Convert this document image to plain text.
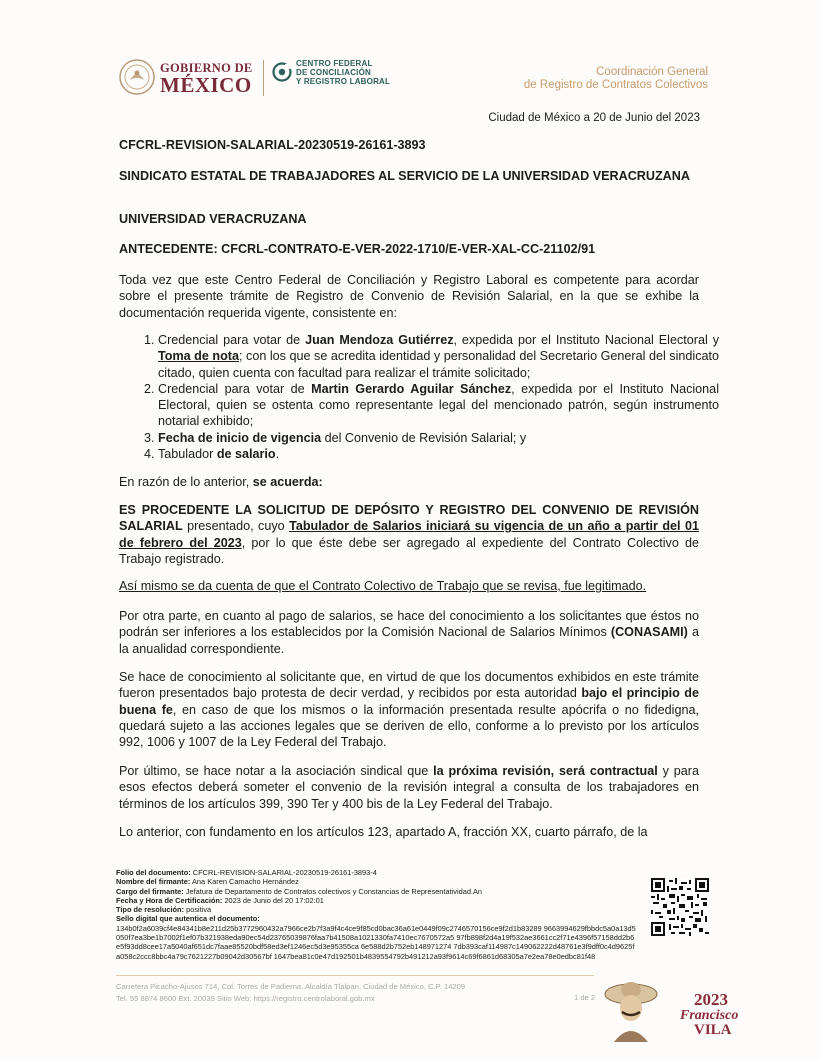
GOBIERNO DE
MÉXICO
CENTRO FEDERAL
DE CONCILIACIÓN
Y REGISTRO LABORAL
Coordinación General
de Registro de Contratos Colectivos
Ciudad de México a 20 de Junio del 2023
CFCRL-REVISION-SALARIAL-20230519-26161-3893
SINDICATO ESTATAL DE TRABAJADORES AL SERVICIO DE LA UNIVERSIDAD VERACRUZANA
UNIVERSIDAD VERACRUZANA
ANTECEDENTE: CFCRL-CONTRATO-E-VER-2022-1710/E-VER-XAL-CC-21102/91
Toda vez que este Centro Federal de Conciliación y Registro Laboral es competente para acordar sobre el presente trámite de Registro de Convenio de Revisión Salarial, en la que se exhibe la documentación requerida vigente, consistente en:
1. Credencial para votar de Juan Mendoza Gutiérrez, expedida por el Instituto Nacional Electoral y Toma de nota; con los que se acredita identidad y personalidad del Secretario General del sindicato citado, quien cuenta con facultad para realizar el trámite solicitado;
2. Credencial para votar de Martin Gerardo Aguilar Sánchez, expedida por el Instituto Nacional Electoral, quien se ostenta como representante legal del mencionado patrón, según instrumento notarial exhibido;
3. Fecha de inicio de vigencia del Convenio de Revisión Salarial; y
4. Tabulador de salario.
En razón de lo anterior, se acuerda:
ES PROCEDENTE LA SOLICITUD DE DEPÓSITO Y REGISTRO DEL CONVENIO DE REVISIÓN SALARIAL presentado, cuyo Tabulador de Salarios iniciará su vigencia de un año a partir del 01 de febrero del 2023, por lo que éste debe ser agregado al expediente del Contrato Colectivo de Trabajo registrado.
Así mismo se da cuenta de que el Contrato Colectivo de Trabajo que se revisa, fue legitimado.
Por otra parte, en cuanto al pago de salarios, se hace del conocimiento a los solicitantes que éstos no podrán ser inferiores a los establecidos por la Comisión Nacional de Salarios Mínimos (CONASAMI) a la anualidad correspondiente.
Se hace de conocimiento al solicitante que, en virtud de que los documentos exhibidos en este trámite fueron presentados bajo protesta de decir verdad, y recibidos por esta autoridad bajo el principio de buena fe, en caso de que los mismos o la información presentada resulte apócrifa o no fidedigna, quedará sujeto a las acciones legales que se deriven de ello, conforme a lo previsto por los artículos 992, 1006 y 1007 de la Ley Federal del Trabajo.
Por último, se hace notar a la asociación sindical que la próxima revisión, será contractual y para esos efectos deberá someter el convenio de la revisión integral a consulta de los trabajadores en términos de los artículos 399, 390 Ter y 400 bis de la Ley Federal del Trabajo.
Lo anterior, con fundamento en los artículos 123, apartado A, fracción XX, cuarto párrafo, de la
Folio del documento: CFCRL-REVISION-SALARIAL-20230519-26161-3893-4
Nombre del firmante: Ana Karen Camacho Hernández
Cargo del firmante: Jefatura de Departamento de Contratos colectivos y Constancias de Representatividad.An
Fecha y Hora de Certificación: 2023 de Junio del 20 17:02:01
Tipo de resolución: positiva
Sello digital que autentica el documento:
134b0f2a6039cf4e84341b8e211d25b3772960432a7966ce2b7f3a9f4c4ce9f85cd0bac36a61e0449f09c2746570156ce9f2d1b83289 9663994629fbbdc5a0a13d5050f7ea3be1b7002f1ef07b321938eda90ec54d23765039876faa7b41508a1021330fa7410ec7670572a5 97fb898f2d4a19f532ae3661cc2f71e4396f57158dd2b6e5f93dd8cee17a5040af651dc7faae85520bdf58ed3ef1246ec5d3e95355ca 6e588d2b752eb148971274 7db393caf114987c149062222d48761e3f9dff0c4d9625fa058c2ccc8bbc4a79c7621227b09042d30567bf 1647bea81c0e47d192501b4839554792b491212a93f9614c69f6861d68305a7e2ea78e0edbc81f48
Carretera Picacho-Ajusco 714, Col. Torres de Padierna, Alcaldía Tlalpan, Ciudad de México, C.P. 14209
Tel. 55 8874 8600 Ext. 20039 Sitio Web: https://registro.centrolaboral.gob.mx	1 de 2	2023
Francisco
VILA
